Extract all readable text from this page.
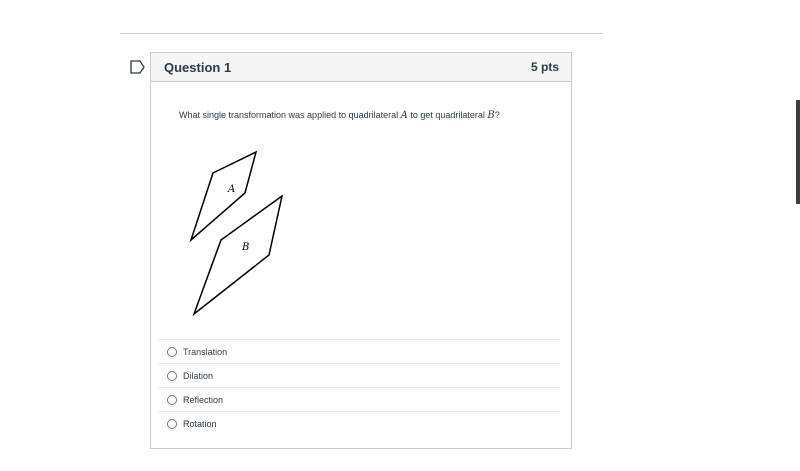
Question 1	5 pts
What single transformation was applied to quadrilateral A to get quadrilateral B?
A
B
Translation
Dilation
Reflection
Rotation
